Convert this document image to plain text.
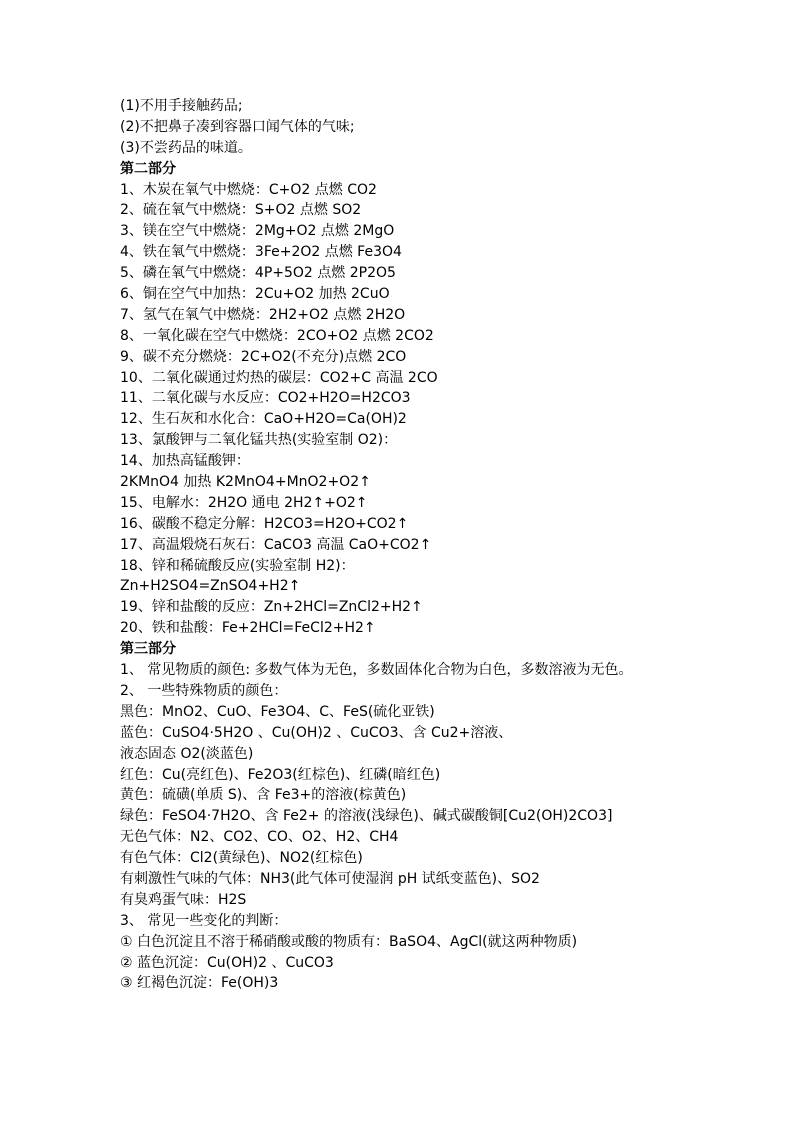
(1)不用手接触药品;
(2)不把鼻子凑到容器口闻气体的气味;
(3)不尝药品的味道。
第二部分
1、木炭在氧气中燃烧：C+O2 点燃 CO2
2、硫在氧气中燃烧：S+O2 点燃 SO2
3、镁在空气中燃烧：2Mg+O2 点燃 2MgO
4、铁在氧气中燃烧：3Fe+2O2 点燃 Fe3O4
5、磷在氧气中燃烧：4P+5O2 点燃 2P2O5
6、铜在空气中加热：2Cu+O2 加热 2CuO
7、氢气在氧气中燃烧：2H2+O2 点燃 2H2O
8、一氧化碳在空气中燃烧：2CO+O2 点燃 2CO2
9、碳不充分燃烧：2C+O2(不充分)点燃 2CO
10、二氧化碳通过灼热的碳层：CO2+C 高温 2CO
11、二氧化碳与水反应：CO2+H2O=H2CO3
12、生石灰和水化合：CaO+H2O=Ca(OH)2
13、氯酸钾与二氧化锰共热(实验室制 O2)：
14、加热高锰酸钾：
2KMnO4 加热 K2MnO4+MnO2+O2↑
15、电解水：2H2O 通电 2H2↑+O2↑
16、碳酸不稳定分解：H2CO3=H2O+CO2↑
17、高温煅烧石灰石：CaCO3 高温 CaO+CO2↑
18、锌和稀硫酸反应(实验室制 H2)：
Zn+H2SO4=ZnSO4+H2↑
19、锌和盐酸的反应：Zn+2HCl=ZnCl2+H2↑
20、铁和盐酸：Fe+2HCl=FeCl2+H2↑
第三部分
1、 常见物质的颜色: 多数气体为无色，多数固体化合物为白色，多数溶液为无色。
2、 一些特殊物质的颜色：
黑色：MnO2、CuO、Fe3O4、C、FeS(硫化亚铁)
蓝色：CuSO4·5H2O 、Cu(OH)2 、CuCO3、含 Cu2+溶液、
液态固态 O2(淡蓝色)
红色：Cu(亮红色)、Fe2O3(红棕色)、红磷(暗红色)
黄色：硫磺(单质 S)、含 Fe3+的溶液(棕黄色)
绿色：FeSO4·7H2O、含 Fe2+ 的溶液(浅绿色)、碱式碳酸铜[Cu2(OH)2CO3]
无色气体：N2、CO2、CO、O2、H2、CH4
有色气体：Cl2(黄绿色)、NO2(红棕色)
有刺激性气味的气体：NH3(此气体可使湿润 pH 试纸变蓝色)、SO2
有臭鸡蛋气味：H2S
3、 常见一些变化的判断：
① 白色沉淀且不溶于稀硝酸或酸的物质有：BaSO4、AgCl(就这两种物质)
② 蓝色沉淀：Cu(OH)2 、CuCO3
③ 红褐色沉淀：Fe(OH)3
